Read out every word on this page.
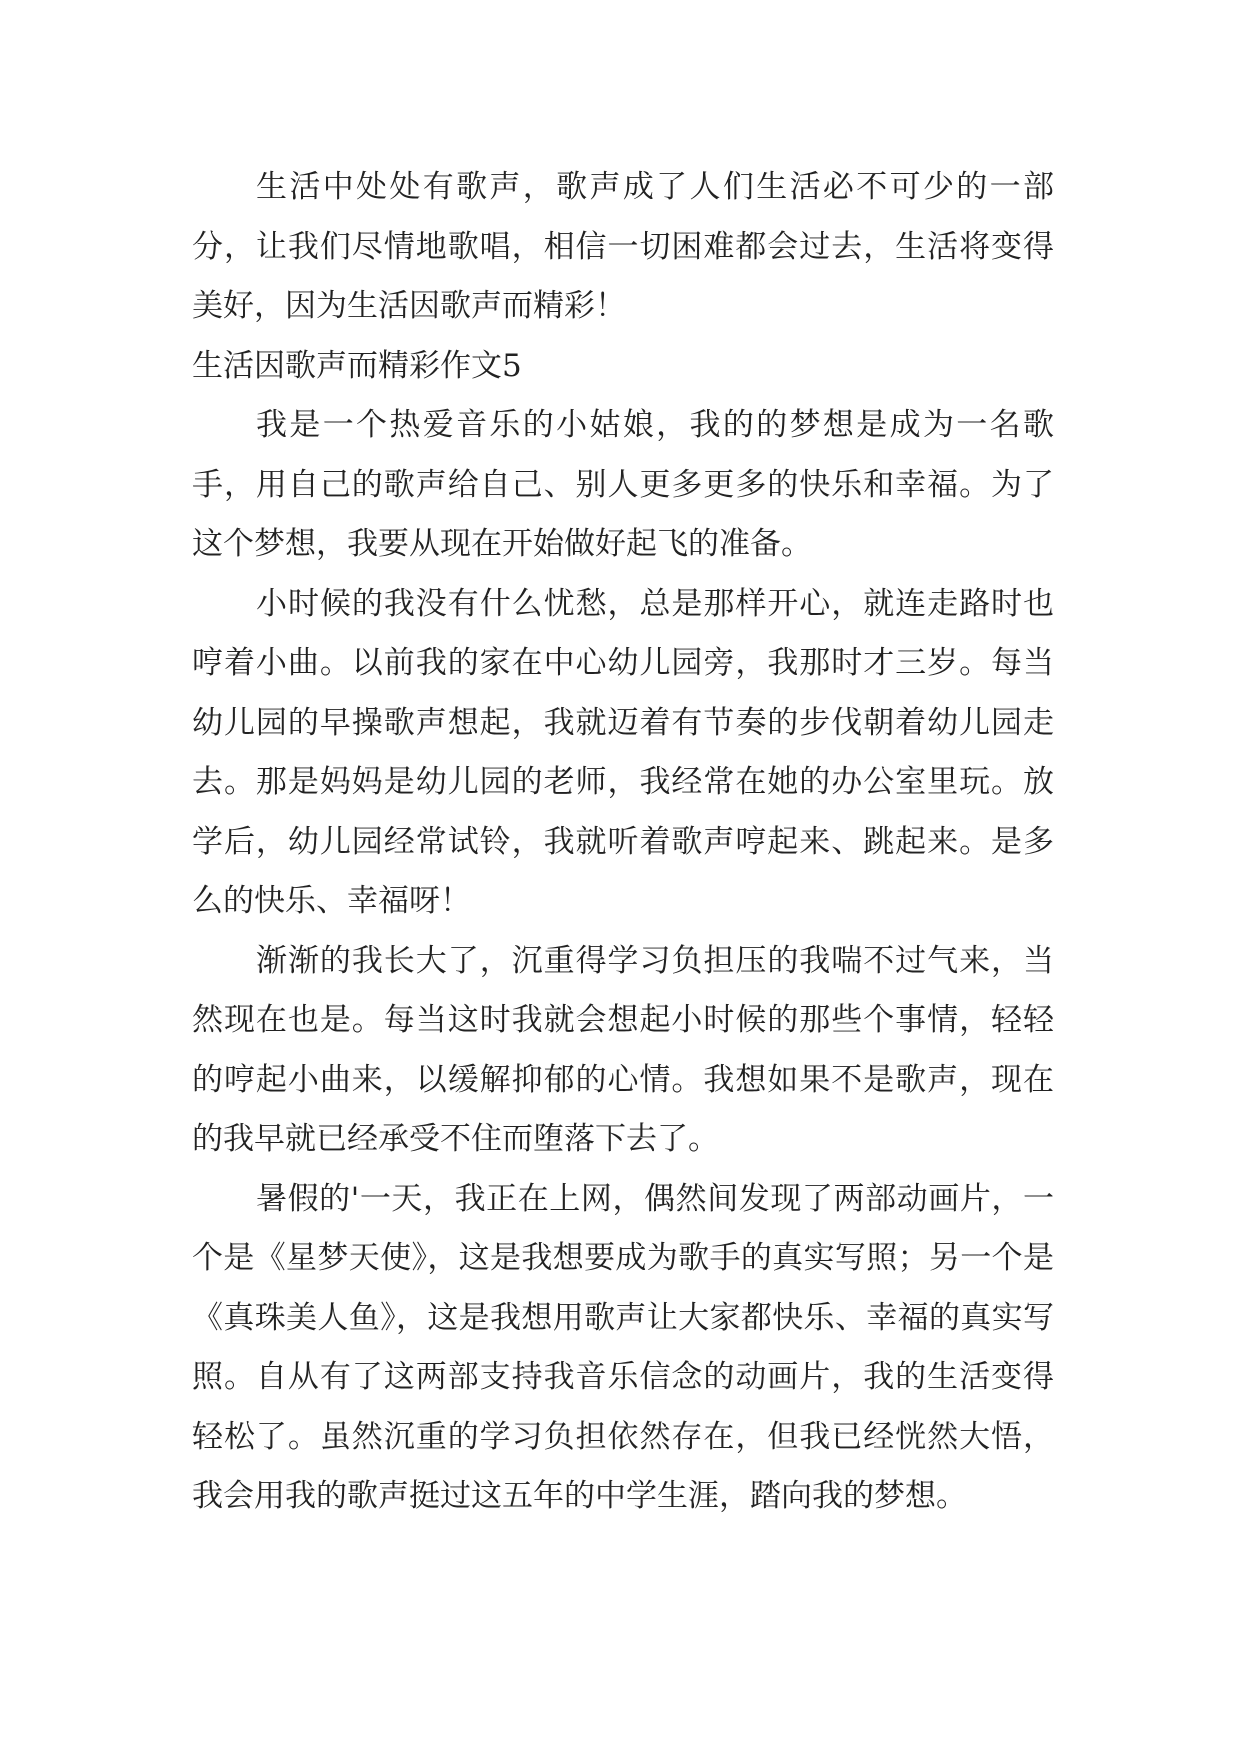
生活中处处有歌声，歌声成了人们生活必不可少的一部分，让我们尽情地歌唱，相信一切困难都会过去，生活将变得美好，因为生活因歌声而精彩！

生活因歌声而精彩作文5

我是一个热爱音乐的小姑娘，我的的梦想是成为一名歌手，用自己的歌声给自己、别人更多更多的快乐和幸福。为了这个梦想，我要从现在开始做好起飞的准备。

小时候的我没有什么忧愁，总是那样开心，就连走路时也哼着小曲。以前我的家在中心幼儿园旁，我那时才三岁。每当幼儿园的早操歌声想起，我就迈着有节奏的步伐朝着幼儿园走去。那是妈妈是幼儿园的老师，我经常在她的办公室里玩。放学后，幼儿园经常试铃，我就听着歌声哼起来、跳起来。是多么的快乐、幸福呀！

渐渐的我长大了，沉重得学习负担压的我喘不过气来，当然现在也是。每当这时我就会想起小时候的那些个事情，轻轻的哼起小曲来，以缓解抑郁的心情。我想如果不是歌声，现在的我早就已经承受不住而堕落下去了。

暑假的'一天，我正在上网，偶然间发现了两部动画片，一个是《星梦天使》，这是我想要成为歌手的真实写照；另一个是《真珠美人鱼》，这是我想用歌声让大家都快乐、幸福的真实写照。自从有了这两部支持我音乐信念的动画片，我的生活变得轻松了。虽然沉重的学习负担依然存在，但我已经恍然大悟，我会用我的歌声挺过这五年的中学生涯，踏向我的梦想。
